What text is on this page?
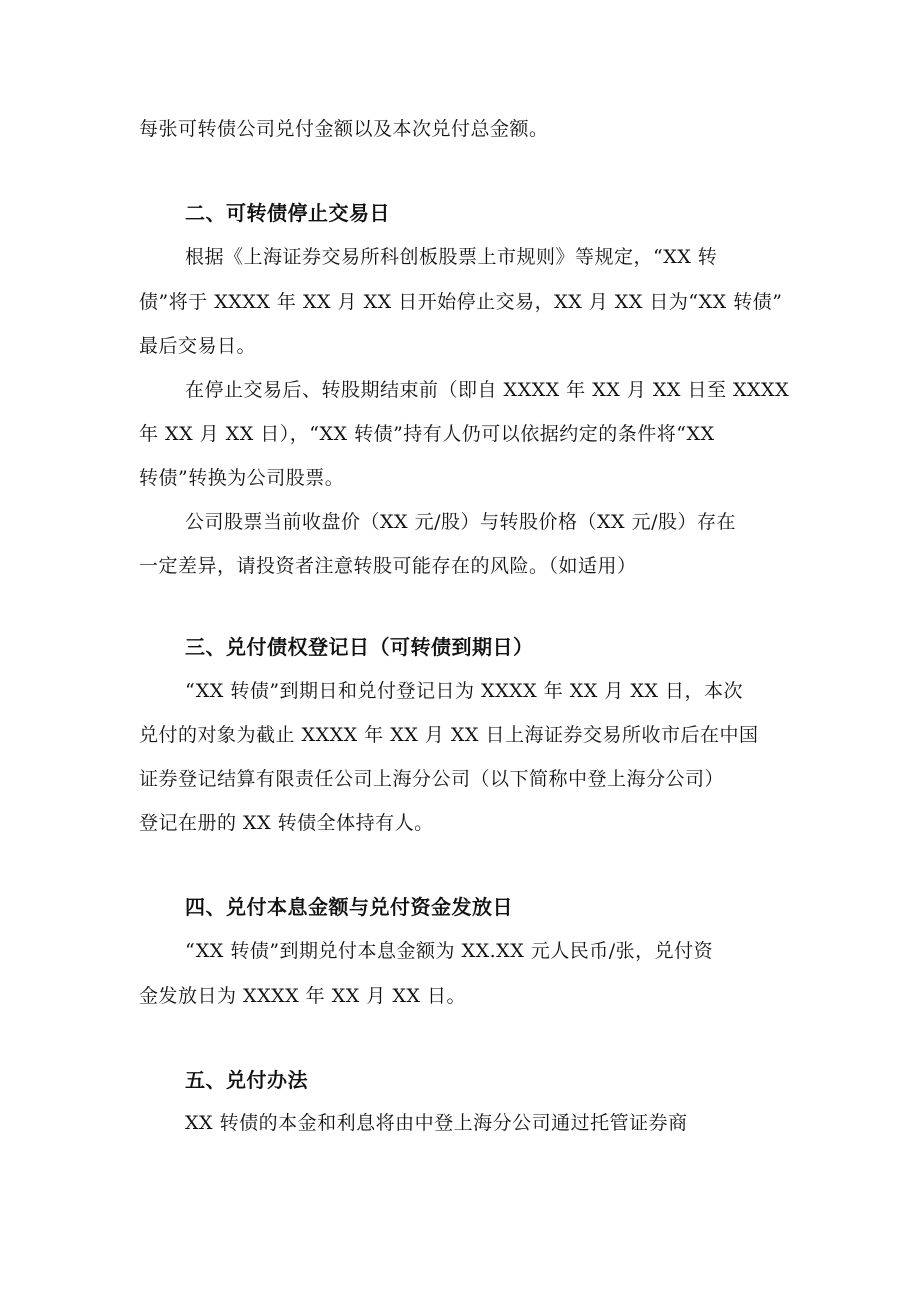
每张可转债公司兑付金额以及本次兑付总金额。
二、可转债停止交易日
根据《上海证券交易所科创板股票上市规则》等规定，“XX 转
债”将于 XXXX 年 XX 月 XX 日开始停止交易，XX 月 XX 日为“XX 转债”
最后交易日。
在停止交易后、转股期结束前（即自 XXXX 年 XX 月 XX 日至 XXXX
年 XX 月 XX 日），“XX 转债”持有人仍可以依据约定的条件将“XX
转债”转换为公司股票。
公司股票当前收盘价（XX 元/股）与转股价格（XX 元/股）存在
一定差异，请投资者注意转股可能存在的风险。（如适用）
三、兑付债权登记日（可转债到期日）
“XX 转债”到期日和兑付登记日为 XXXX 年 XX 月 XX 日，本次
兑付的对象为截止 XXXX 年 XX 月 XX 日上海证券交易所收市后在中国
证券登记结算有限责任公司上海分公司（以下简称中登上海分公司）
登记在册的 XX 转债全体持有人。
四、兑付本息金额与兑付资金发放日
“XX 转债”到期兑付本息金额为 XX.XX 元人民币/张，兑付资
金发放日为 XXXX 年 XX 月 XX 日。
五、兑付办法
XX 转债的本金和利息将由中登上海分公司通过托管证券商
